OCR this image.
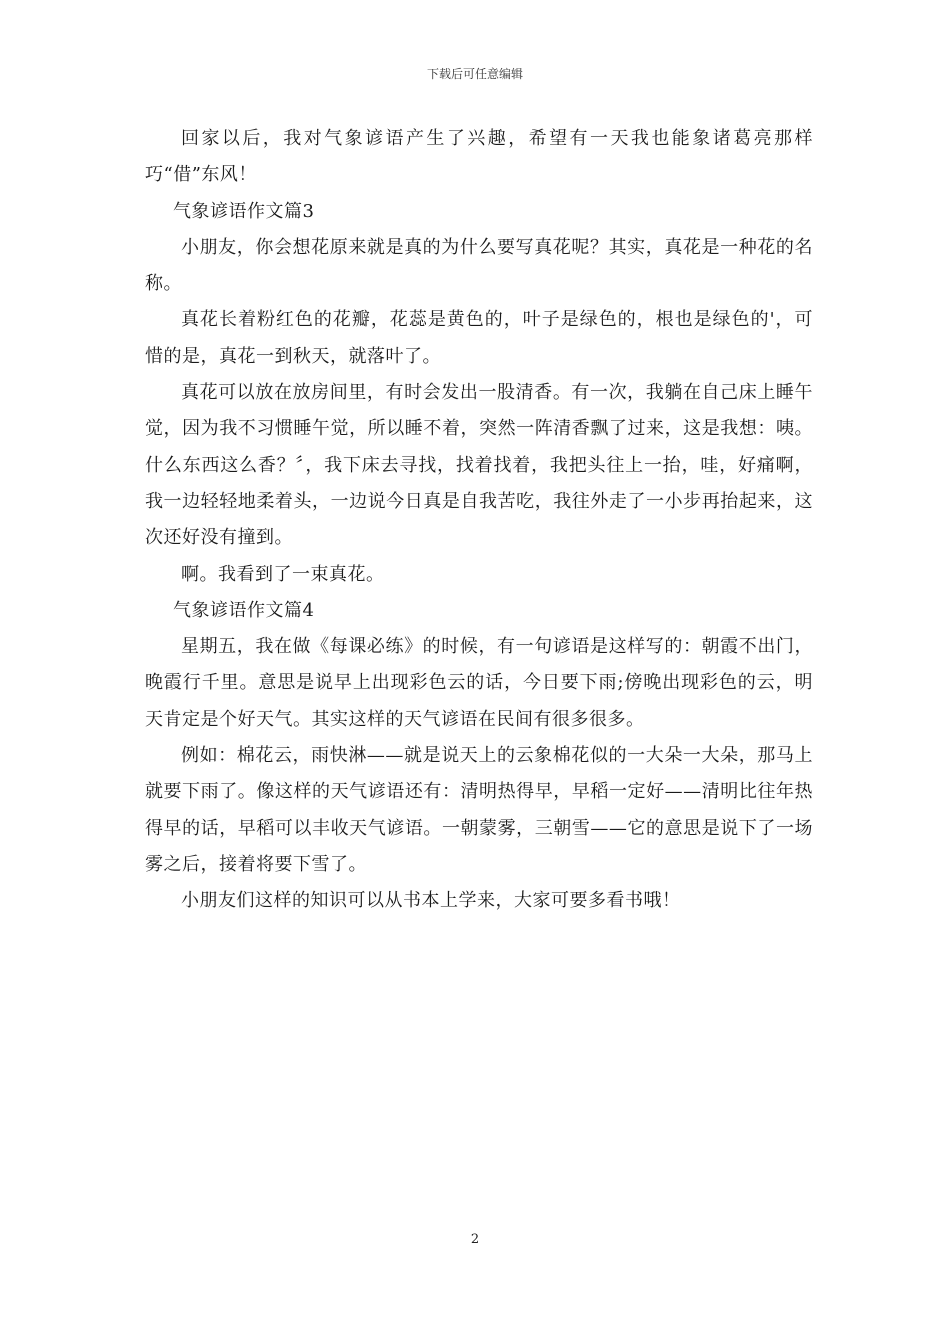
下载后可任意编辑

回家以后，我对气象谚语产生了兴趣，希望有一天我也能象诸葛亮那样巧“借”东风！

气象谚语作文篇3

小朋友，你会想花原来就是真的为什么要写真花呢？其实，真花是一种花的名称。

真花长着粉红色的花瓣，花蕊是黄色的，叶子是绿色的，根也是绿色的'，可惜的是，真花一到秋天，就落叶了。

真花可以放在放房间里，有时会发出一股清香。有一次，我躺在自己床上睡午觉，因为我不习惯睡午觉，所以睡不着，突然一阵清香飘了过来，这是我想：咦。什么东西这么香？〞，我下床去寻找，找着找着，我把头往上一抬，哇，好痛啊，我一边轻轻地柔着头，一边说今日真是自我苦吃，我往外走了一小步再抬起来，这次还好没有撞到。

啊。我看到了一束真花。

气象谚语作文篇4

星期五，我在做《每课必练》的时候，有一句谚语是这样写的：朝霞不出门，晚霞行千里。意思是说早上出现彩色云的话，今日要下雨;傍晚出现彩色的云，明天肯定是个好天气。其实这样的天气谚语在民间有很多很多。

例如：棉花云，雨快淋——就是说天上的云象棉花似的一大朵一大朵，那马上就要下雨了。像这样的天气谚语还有：清明热得早，早稻一定好——清明比往年热得早的话，早稻可以丰收天气谚语。一朝蒙雾，三朝雪——它的意思是说下了一场雾之后，接着将要下雪了。

小朋友们这样的知识可以从书本上学来，大家可要多看书哦！

2
